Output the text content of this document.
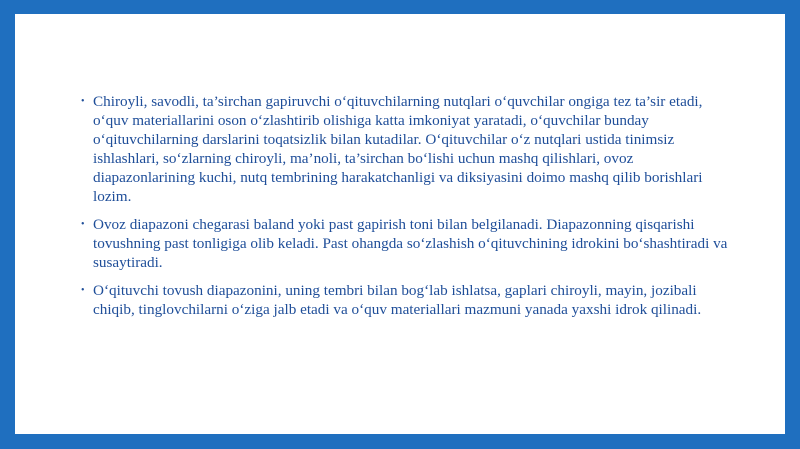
• Chiroyli, savodli, ta’sirchan gapiruvchi o‘qituvchilarning nutqlari o‘quvchilar ongiga tez ta’sir etadi, o‘quv materiallarini oson o‘zlashtirib olishiga katta imkoniyat yaratadi, o‘quvchilar bunday o‘qituvchilarning darslarini toqatsizlik bilan kutadilar. O‘qituvchilar o‘z nutqlari ustida tinimsiz ishlashlari, so‘zlarning chiroyli, ma’noli, ta’sirchan bo‘lishi uchun mashq qilishlari, ovoz diapazonlarining kuchi, nutq tembrining harakatchanligi va diksiyasini doimo mashq qilib borishlari lozim.
• Ovoz diapazoni chegarasi baland yoki past gapirish toni bilan belgilanadi. Diapazonning qisqarishi tovushning past tonligiga olib keladi. Past ohangda so‘zlashish o‘qituvchining idrokini bo‘shashtiradi va susaytiradi.
• O‘qituvchi tovush diapazonini, uning tembri bilan bog‘lab ishlatsa, gaplari chiroyli, mayin, jozibali chiqib, tinglovchilarni o‘ziga jalb etadi va o‘quv materiallari mazmuni yanada yaxshi idrok qilinadi.
